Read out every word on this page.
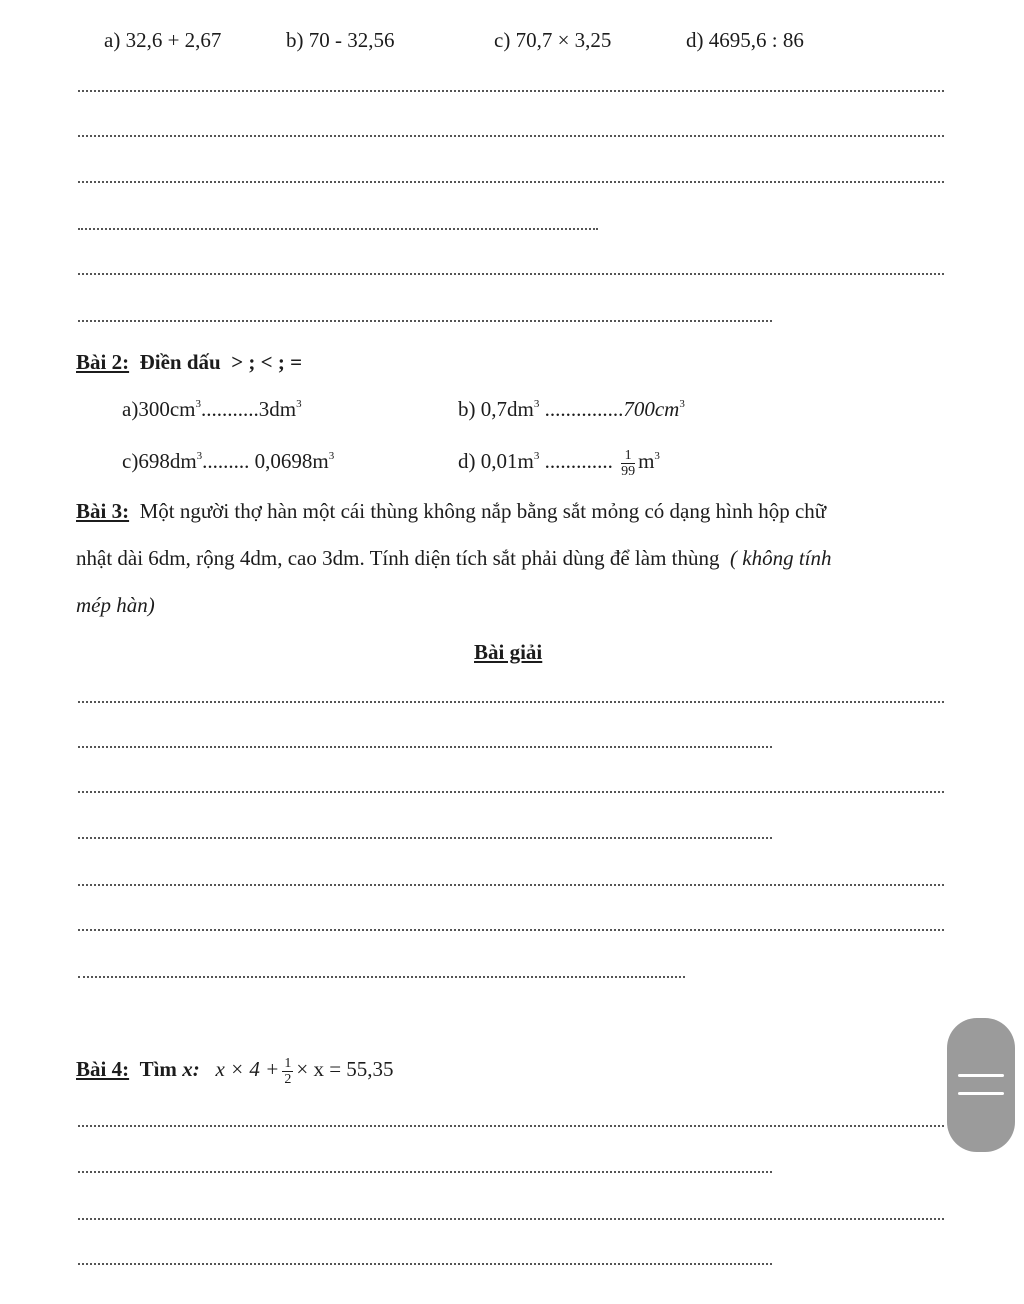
a) 32,6 + 2,67	b) 70 - 32,56	c) 70,7 × 3,25	d) 4695,6 : 86
Bài 2: Điền dấu > ; < ; =
$a)300cm^3...........3dm^3$	b) $0,7dm^3$ $...............700cm^3$
$c)698dm^3$......... $0,0698m^3$	d) $0,01m^3$ ............. $\frac{1}{99} m^3$
Bài 3: Một người thợ hàn một cái thùng không nắp bằng sắt mỏng có dạng hình hộp chữ
nhật dài 6dm, rộng 4dm, cao 3dm. Tính diện tích sắt phải dùng để làm thùng ( không tính
mép hàn)
Bài giải
Bài 4: Tìm x: $x \times 4 + \frac{1}{2} \times x = 55,35$
